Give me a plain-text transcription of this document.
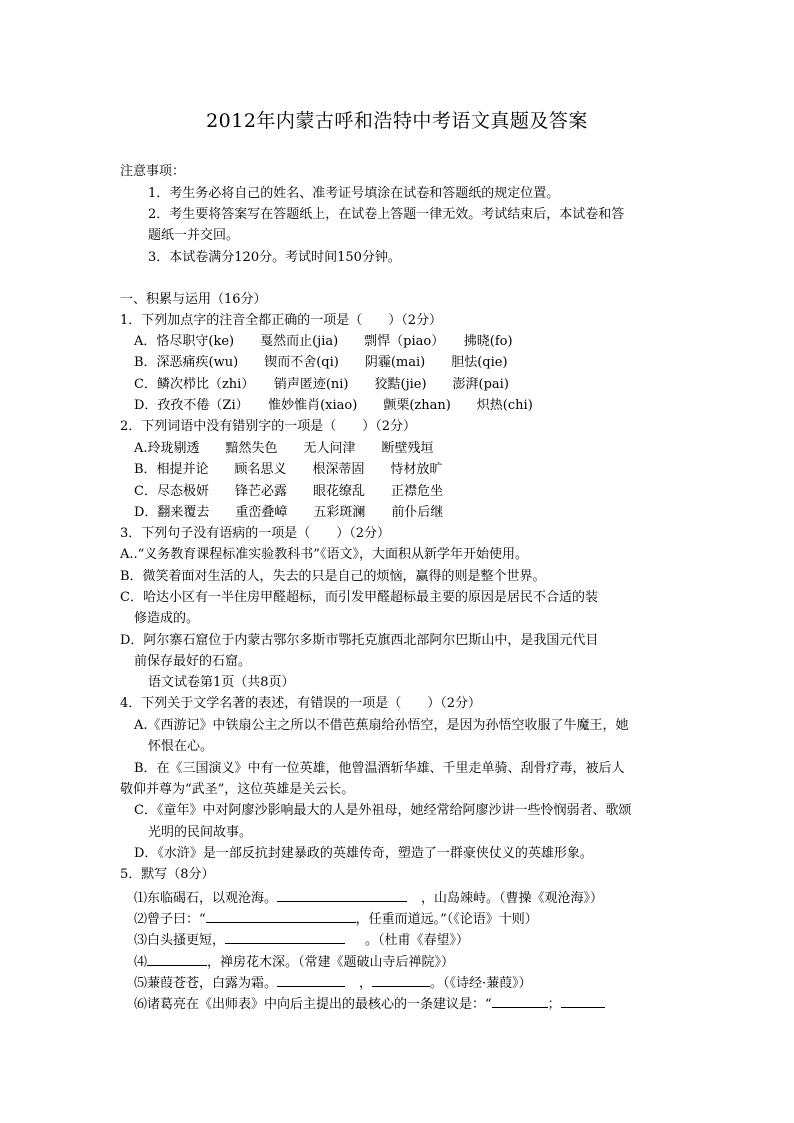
2012年内蒙古呼和浩特中考语文真题及答案
注意事项：
1．考生务必将自己的姓名、准考证号填涂在试卷和答题纸的规定位置。
2．考生要将答案写在答题纸上，在试卷上答题一律无效。考试结束后，本试卷和答
题纸一并交回。
3．本试卷满分120分。考试时间150分钟。
一、积累与运用（16分）
1．下列加点字的注音全都正确的一项是（　　）（2分）
A．恪尽职守(ke)　　戛然而止(jia)　　剽悍（piao）　　拂晓(fo)
B．深恶痛疾(wu)　　锲而不舍(qi)　　阴霾(mai)　　胆怯(qie)
C．鳞次栉比（zhi）　　销声匿迹(ni)　　狡黠(jie)　　澎湃(pai)
D．孜孜不倦（Zi）　　惟妙惟肖(xiao)　　颤栗(zhan)　　炽热(chi)
2．下列词语中没有错别字的一项是（　　）（2分）
A.玲珑剔透　　黯然失色　　无人问津　　断壁残垣
B．相提并论　　顾名思义　　根深蒂固　　恃材放旷
C．尽态极妍　　锋芒必露　　眼花缭乱　　正襟危坐
D．翻来覆去　　重峦叠嶂　　五彩斑澜　　前仆后继
3．下列句子没有语病的一项是（　　）（2分）
A..“义务教育课程标准实验教科书”《语文》，大面积从新学年开始使用。
B．微笑着面对生活的人，失去的只是自己的烦恼，赢得的则是整个世界。
C．哈达小区有一半住房甲醛超标，而引发甲醛超标最主要的原因是居民不合适的装
修造成的。
D．阿尔寨石窟位于内蒙古鄂尔多斯市鄂托克旗西北部阿尔巴斯山中，是我国元代目
前保存最好的石窟。
语文试卷第1页（共8页）
4．下列关于文学名著的表述，有错误的一项是（　　）（2分）
A.《西游记》中铁扇公主之所以不借芭蕉扇给孙悟空，是因为孙悟空收服了牛魔王，她
怀恨在心。
B．在《三国演义》中有一位英雄，他曾温酒斩华雄、千里走单骑、刮骨疗毒，被后人
敬仰并尊为“武圣”，这位英雄是关云长。
C．《童年》中对阿廖沙影响最大的人是外祖母，她经常给阿廖沙讲一些怜悯弱者、歌颂
光明的民间故事。
D．《水浒》是一部反抗封建暴政的英雄传奇，塑造了一群豪侠仗义的英雄形象。
5．默写（8分）
⑴东临碣石，以观沧海。	，山岛竦峙。（曹操《观沧海》）
⑵曾子曰：“	，任重而道远。”（《论语》十则）
⑶白头搔更短，	。（杜甫《春望》）
⑷	，禅房花木深。（常建《题破山寺后禅院》）
⑸蒹葭苍苍，白露为霜。	，	。（《诗经·蒹葭》）
⑹诸葛亮在《出师表》中向后主提出的最核心的一条建议是：“	；
